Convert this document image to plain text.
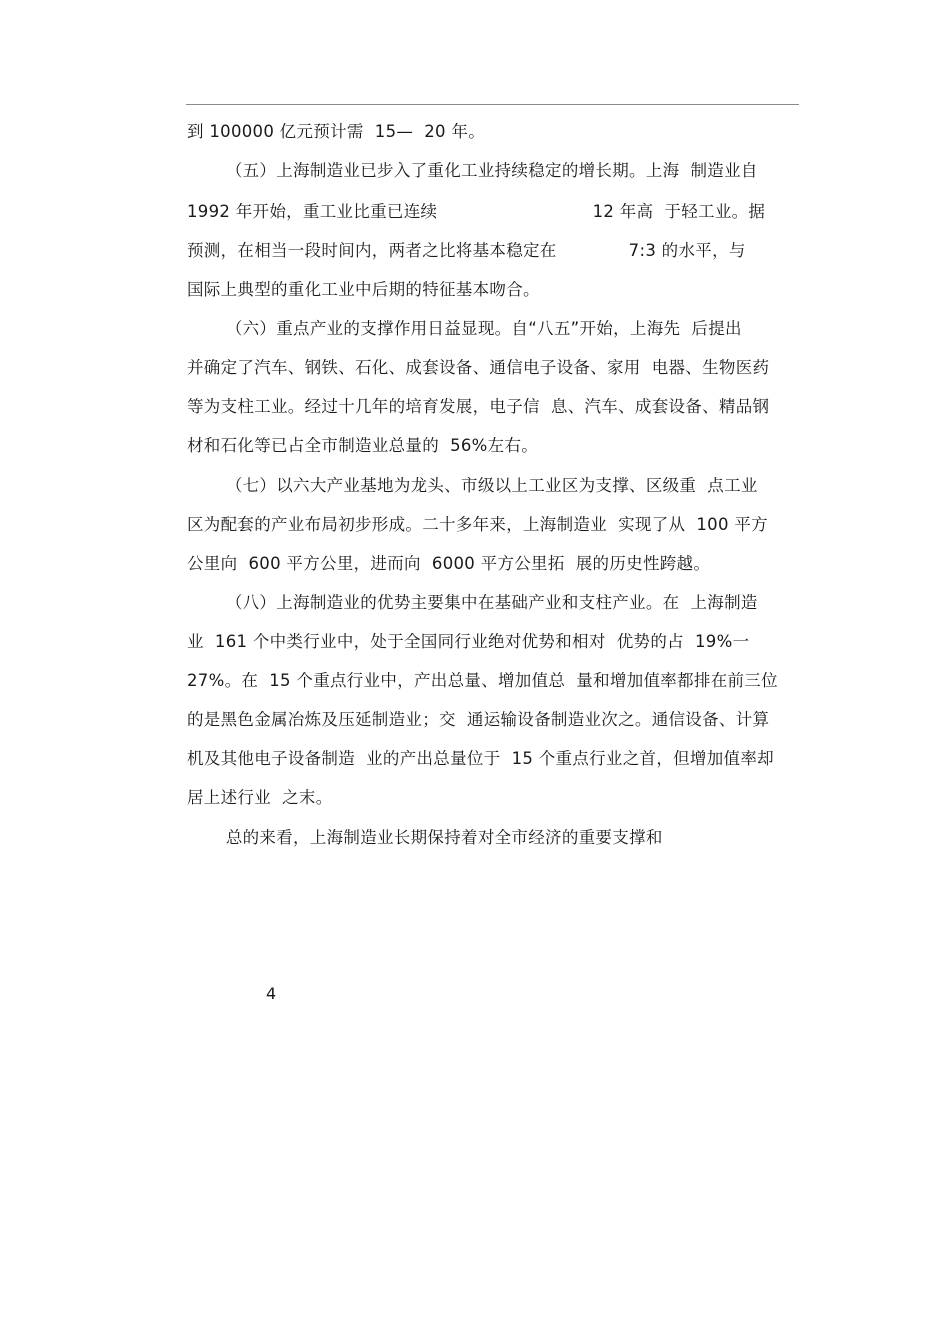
到 100000 亿元预计需  15—  20 年。
（五）上海制造业已步入了重化工业持续稳定的增长期。上海  制造业自
1992 年开始，重工业比重已连续                            12 年高  于轻工业。据
预测，在相当一段时间内，两者之比将基本稳定在             7:3 的水平，与
国际上典型的重化工业中后期的特征基本吻合。
（六）重点产业的支撑作用日益显现。自“八五”开始，上海先  后提出
并确定了汽车、钢铁、石化、成套设备、通信电子设备、家用  电器、生物医药
等为支柱工业。经过十几年的培育发展，电子信  息、汽车、成套设备、精品钢
材和石化等已占全市制造业总量的  56%左右。
（七）以六大产业基地为龙头、市级以上工业区为支撑、区级重  点工业
区为配套的产业布局初步形成。二十多年来，上海制造业  实现了从  100 平方
公里向  600 平方公里，进而向  6000 平方公里拓  展的历史性跨越。
（八）上海制造业的优势主要集中在基础产业和支柱产业。在  上海制造
业  161 个中类行业中，处于全国同行业绝对优势和相对  优势的占  19%一
27%。在  15 个重点行业中，产出总量、增加值总  量和增加值率都排在前三位
的是黑色金属冶炼及压延制造业；交  通运输设备制造业次之。通信设备、计算
机及其他电子设备制造  业的产出总量位于  15 个重点行业之首，但增加值率却
居上述行业  之末。
总的来看，上海制造业长期保持着对全市经济的重要支撑和
4
